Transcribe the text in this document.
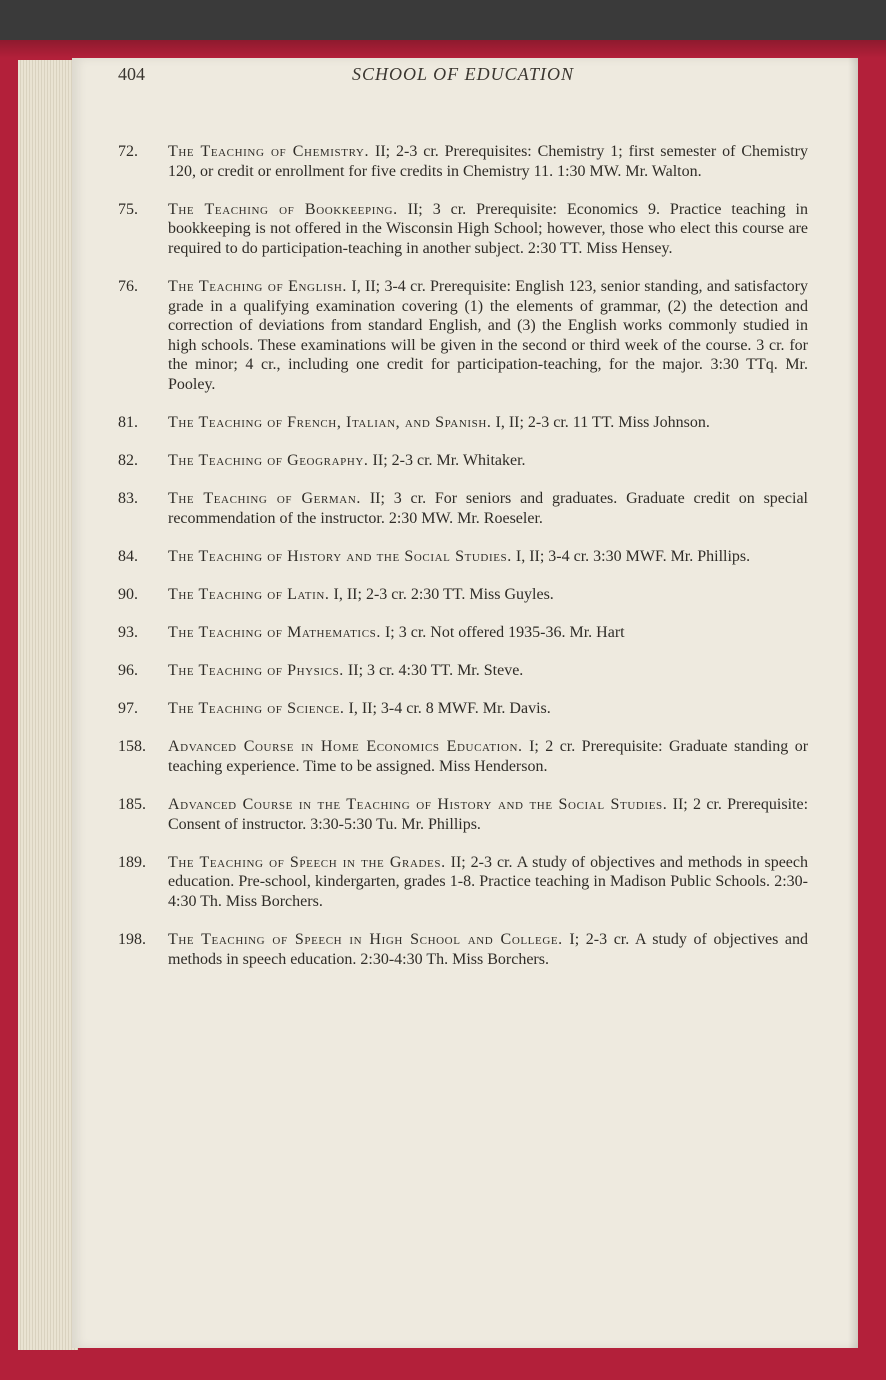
SCHOOL OF EDUCATION
404
72. The Teaching of Chemistry. II; 2-3 cr. Prerequisites: Chemistry 1; first semester of Chemistry 120, or credit or enrollment for five credits in Chemistry 11. 1:30 MW. Mr. Walton.
75. The Teaching of Bookkeeping. II; 3 cr. Prerequisite: Economics 9. Practice teaching in bookkeeping is not offered in the Wisconsin High School; however, those who elect this course are required to do participation-teaching in another subject. 2:30 TT. Miss Hensey.
76. The Teaching of English. I, II; 3-4 cr. Prerequisite: English 123, senior standing, and satisfactory grade in a qualifying examination covering (1) the elements of grammar, (2) the detection and correction of deviations from standard English, and (3) the English works commonly studied in high schools. These examinations will be given in the second or third week of the course. 3 cr. for the minor; 4 cr., including one credit for participation-teaching, for the major. 3:30 TTq. Mr. Pooley.
81. The Teaching of French, Italian, and Spanish. I, II; 2-3 cr. 11 TT. Miss Johnson.
82. The Teaching of Geography. II; 2-3 cr. Mr. Whitaker.
83. The Teaching of German. II; 3 cr. For seniors and graduates. Graduate credit on special recommendation of the instructor. 2:30 MW. Mr. Roeseler.
84. The Teaching of History and the Social Studies. I, II; 3-4 cr. 3:30 MWF. Mr. Phillips.
90. The Teaching of Latin. I, II; 2-3 cr. 2:30 TT. Miss Guyles.
93. The Teaching of Mathematics. I; 3 cr. Not offered 1935-36. Mr. Hart
96. The Teaching of Physics. II; 3 cr. 4:30 TT. Mr. Steve.
97. The Teaching of Science. I, II; 3-4 cr. 8 MWF. Mr. Davis.
158. Advanced Course in Home Economics Education. I; 2 cr. Prerequisite: Graduate standing or teaching experience. Time to be assigned. Miss Henderson.
185. Advanced Course in the Teaching of History and the Social Studies. II; 2 cr. Prerequisite: Consent of instructor. 3:30-5:30 Tu. Mr. Phillips.
189. The Teaching of Speech in the Grades. II; 2-3 cr. A study of objectives and methods in speech education. Pre-school, kindergarten, grades 1-8. Practice teaching in Madison Public Schools. 2:30-4:30 Th. Miss Borchers.
198. The Teaching of Speech in High School and College. I; 2-3 cr. A study of objectives and methods in speech education. 2:30-4:30 Th. Miss Borchers.
